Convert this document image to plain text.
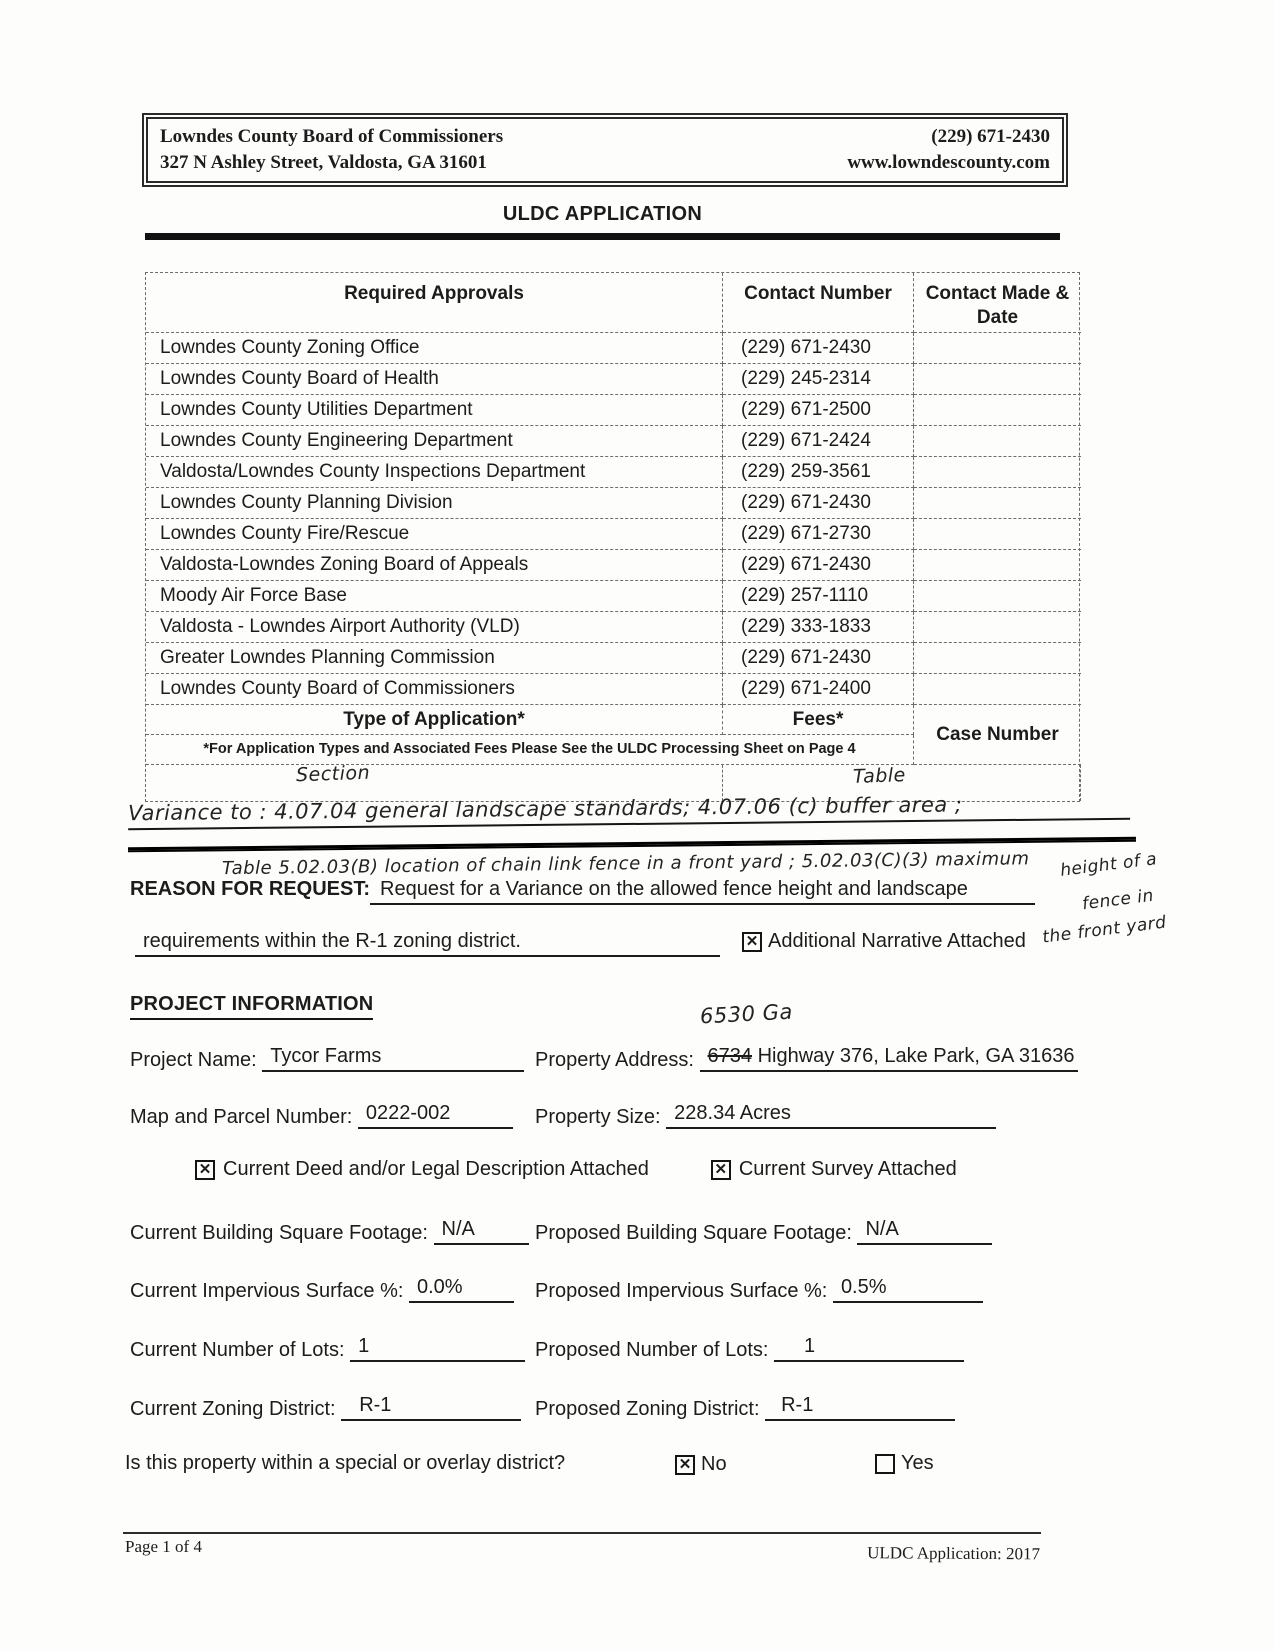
Lowndes County Board of Commissioners
327 N Ashley Street, Valdosta, GA 31601
(229) 671-2430
www.lowndescounty.com
ULDC APPLICATION
Required Approvals	Contact Number	Contact Made & Date
Lowndes County Zoning Office	(229) 671-2430
Lowndes County Board of Health	(229) 245-2314
Lowndes County Utilities Department	(229) 671-2500
Lowndes County Engineering Department	(229) 671-2424
Valdosta/Lowndes County Inspections Department	(229) 259-3561
Lowndes County Planning Division	(229) 671-2430
Lowndes County Fire/Rescue	(229) 671-2730
Valdosta-Lowndes Zoning Board of Appeals	(229) 671-2430
Moody Air Force Base	(229) 257-1110
Valdosta - Lowndes Airport Authority (VLD)	(229) 333-1833
Greater Lowndes Planning Commission	(229) 671-2430
Lowndes County Board of Commissioners	(229) 671-2400
Type of Application*	Fees*
Case Number
*For Application Types and Associated Fees Please See the ULDC Processing Sheet on Page 4
Section	Table
Variance to : 4.07.04 general landscape standards; 4.07.06 (c) buffer area ;
Table 5.02.03(B) location of chain link fence in a front yard ; 5.02.03(C)(3) maximum	height of a
fence in
the front yard
REASON FOR REQUEST: Request for a Variance on the allowed fence height and landscape
requirements within the R-1 zoning district.	✕ Additional Narrative Attached
PROJECT INFORMATION	6530 Ga
Project Name: Tycor Farms	Property Address: 6734 Highway 376, Lake Park, GA 31636
Map and Parcel Number: 0222-002	Property Size: 228.34 Acres
✕ Current Deed and/or Legal Description Attached	✕ Current Survey Attached
Current Building Square Footage: N/A	Proposed Building Square Footage: N/A
Current Impervious Surface %: 0.0%	Proposed Impervious Surface %: 0.5%
Current Number of Lots: 1	Proposed Number of Lots: 1
Current Zoning District: R-1	Proposed Zoning District: R-1
Is this property within a special or overlay district?	✕ No	Yes
Page 1 of 4	ULDC Application: 2017
